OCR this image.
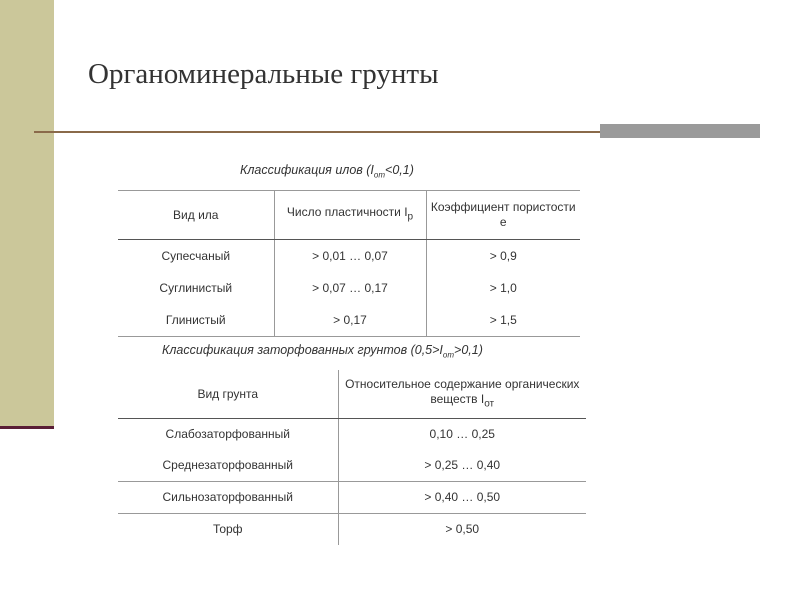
Органоминеральные грунты
Классификация илов $(I_{от}<0,1)$
Вид ила	Число пластичности $I_p$	Коэффициент пористости e
Супесчаный	> 0,01 … 0,07	> 0,9
Суглинистый	> 0,07 … 0,17	> 1,0
Глинистый	> 0,17	> 1,5
Классификация заторфованных грунтов $(0,5>I_{от}>0,1)$
Вид грунта	Относительное содержание органических веществ $I_{от}$
Слабозаторфованный	0,10 … 0,25
Среднезаторфованный	> 0,25 … 0,40
Сильнозаторфованный	> 0,40 … 0,50
Торф	> 0,50
